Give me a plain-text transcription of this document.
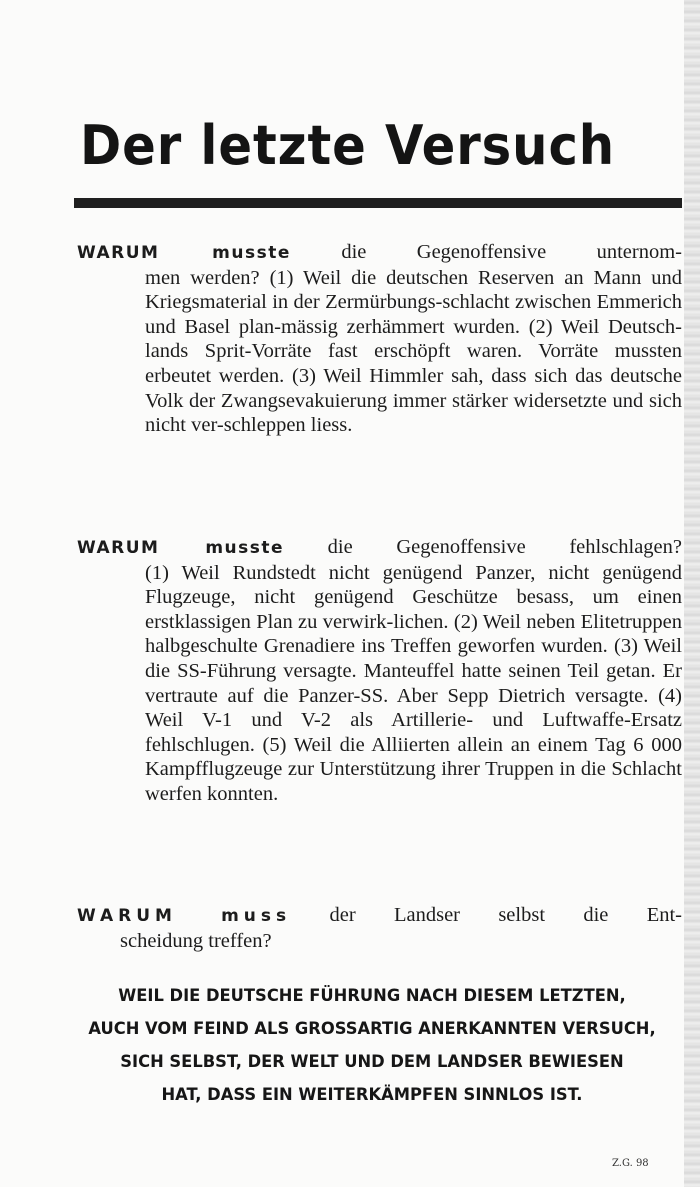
Der letzte Versuch

WARUM musste die Gegenoffensive unternom-

men werden? (1) Weil die deutschen Reserven an Mann und Kriegsmaterial in der Zermürbungs-schlacht zwischen Emmerich und Basel plan-mässig zerhämmert wurden. (2) Weil Deutsch-lands Sprit-Vorräte fast erschöpft waren. Vorräte mussten erbeutet werden. (3) Weil Himmler sah, dass sich das deutsche Volk der Zwangsevakuierung immer stärker widersetzte und sich nicht ver-schleppen liess.

WARUM musste die Gegenoffensive fehlschlagen?

(1) Weil Rundstedt nicht genügend Panzer, nicht genügend Flugzeuge, nicht genügend Geschütze besass, um einen erstklassigen Plan zu verwirk-lichen. (2) Weil neben Elitetruppen halbgeschulte Grenadiere ins Treffen geworfen wurden. (3) Weil die SS-Führung versagte. Manteuffel hatte seinen Teil getan. Er vertraute auf die Panzer-SS. Aber Sepp Dietrich versagte. (4) Weil V-1 und V-2 als Artillerie- und Luftwaffe-Ersatz fehlschlugen. (5) Weil die Alliierten allein an einem Tag 6 000 Kampfflugzeuge zur Unterstützung ihrer Truppen in die Schlacht werfen konnten.

WARUM muss der Landser selbst die Ent-

scheidung treffen?

WEIL DIE DEUTSCHE FÜHRUNG NACH DIESEM LETZTEN,
AUCH VOM FEIND ALS GROSSARTIG ANERKANNTEN VERSUCH,
SICH SELBST, DER WELT UND DEM LANDSER BEWIESEN
HAT, DASS EIN WEITERKÄMPFEN SINNLOS IST.

Z.G. 98
